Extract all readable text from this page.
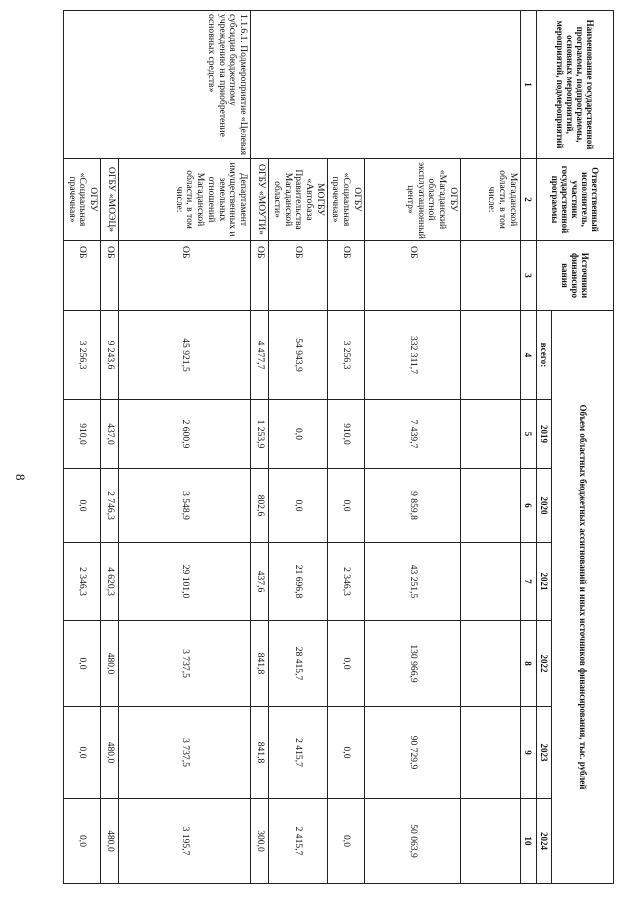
8
Наименование государственной программы, подпрограммы, основных мероприятий, мероприятий, подмероприятий	Ответственный исполнитель, участник государственной программы	Источники финансиро вания	Объем областных бюджетных ассигнований и иных источников финансирования, тыс. рублей						
			всего:	2019	2020	2021	2022	2023	2024
1	2	3	4	5	6	7	8	9	10
	Магаданской области, в том числе:								
	ОГБУ «Магаданский областной эксплуатационный центр»	ОБ	332 311,7	7 439,7	9 859,8	43 251,5	130 966,9	90 729,9	50 063,9
	ОГБУ «Социальная прачечная»	ОБ	3 256,3	910,0	0,0	2 346,3	0,0	0,0	0,0
	МОГБУ «Автобаза Правительства Магаданской области»	ОБ	54 943,9	0,0	0,0	21 696,8	28 415,7	2 415,7	2 415,7
	ОГБУ «МОУТИ»	ОБ	4 477,7	1 253,9	802,6	437,6	841,8	841,8	300,0
1.1.6.1. Подмероприятие «Целевая субсидия бюджетному учреждению на приобретение основных средств»	Департамент имущественных и земельных отношений Магаданской области, в том числе:	ОБ	45 921,5	2 600,9	3 548,9	29 101,0	3 737,5	3 737,5	3 195,7
	ОГБУ «МОЭЦ»	ОБ	9 243,6	437,0	2 746,3	4 620,3	480,0	480,0	480,0
	ОГБУ «Социальная прачечная»	ОБ	3 256,3	910,0	0,0	2 346,3	0,0	0,0	0,0
